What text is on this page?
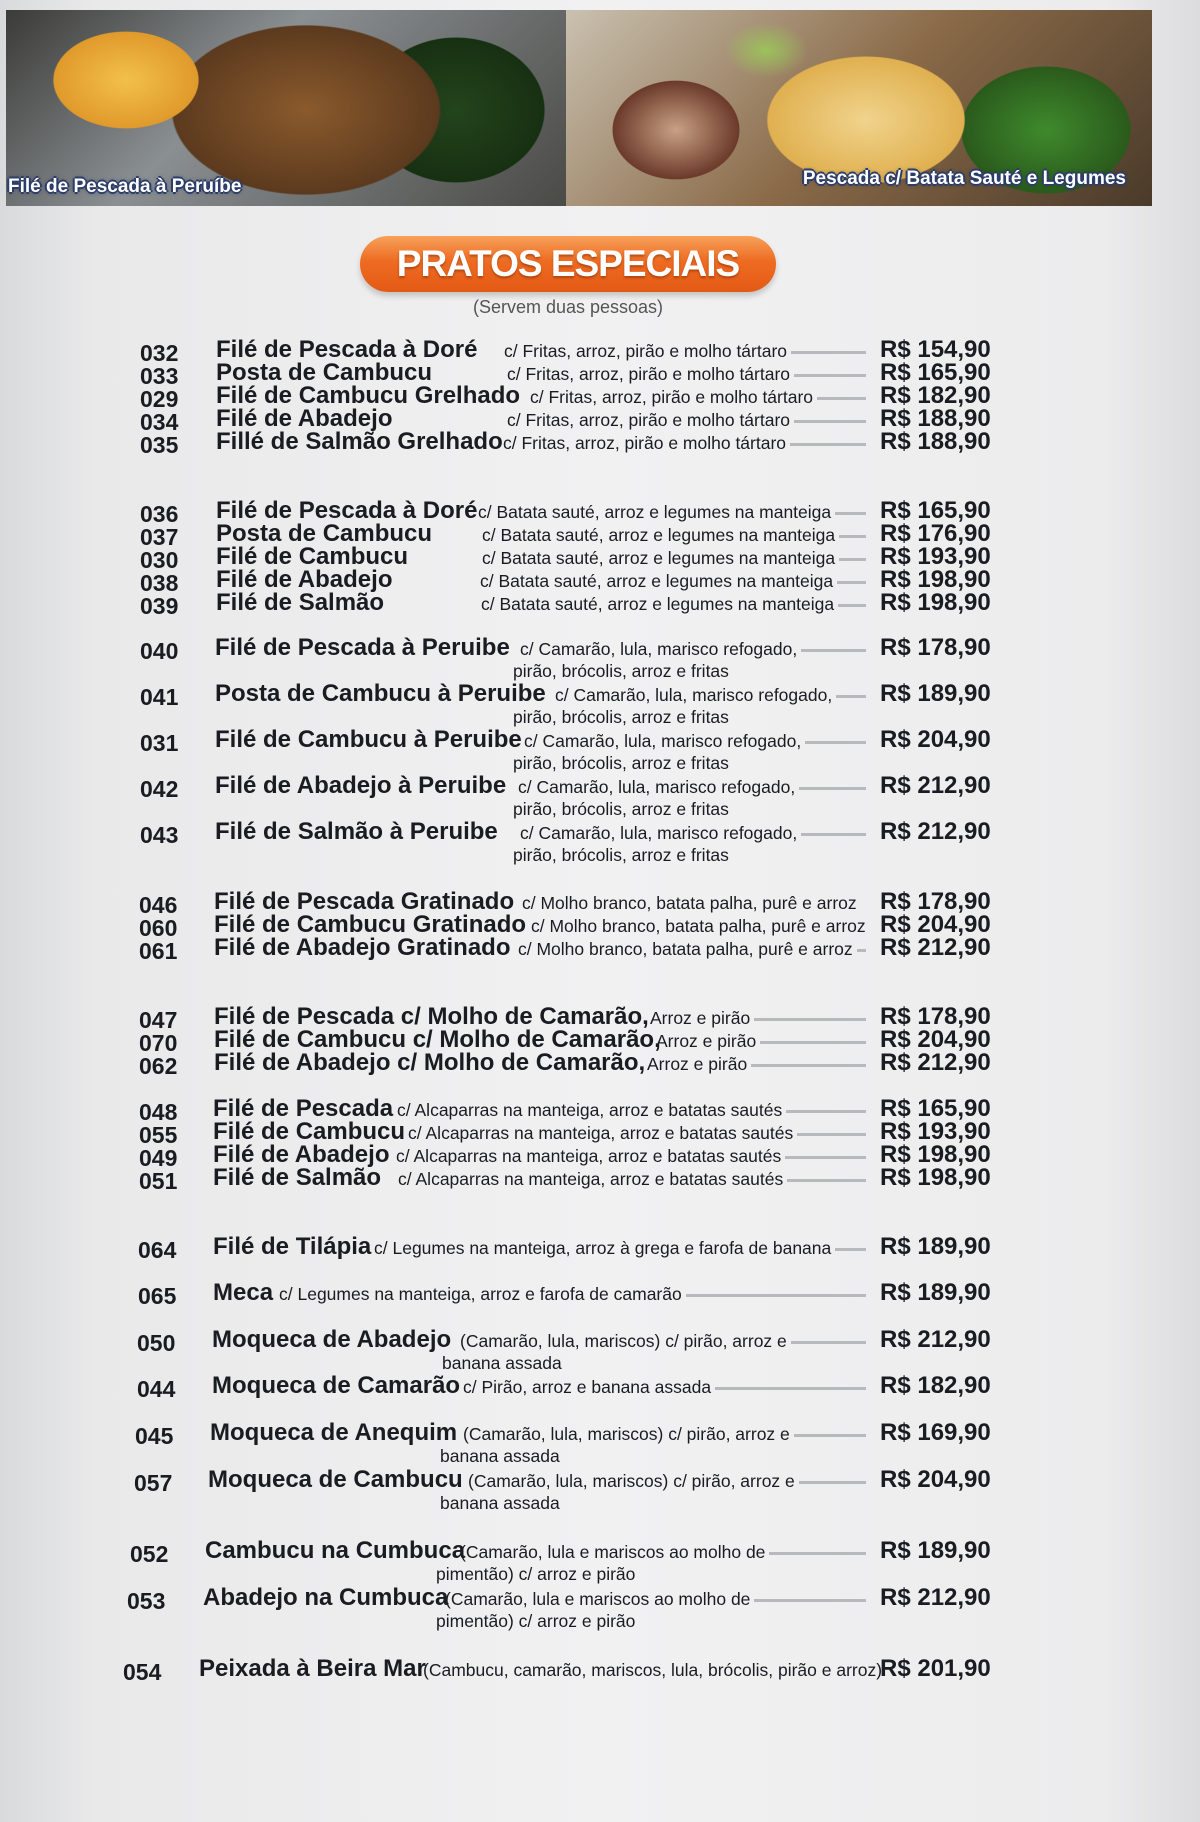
Filé de Pescada à Peruíbe	Pescada c/ Batata Sauté e Legumes
PRATOS ESPECIAIS
(Servem duas pessoas)
032 Filé de Pescada à Doré c/ Fritas, arroz, pirão e molho tártaro	R$ 154,90
033 Posta de Cambucu	c/ Fritas, arroz, pirão e molho tártaro	R$ 165,90
029 Filé de Cambucu Grelhado c/ Fritas, arroz, pirão e molho tártaro	R$ 182,90
034 Filé de Abadejo	c/ Fritas, arroz, pirão e molho tártaro	R$ 188,90
035 Fillé de Salmão Grelhado c/ Fritas, arroz, pirão e molho tártaro	R$ 188,90
036 Filé de Pescada à Doré c/ Batata sauté, arroz e legumes na manteiga R$ 165,90
037 Posta de Cambucu	c/ Batata sauté, arroz e legumes na manteiga R$ 176,90
030 Filé de Cambucu	c/ Batata sauté, arroz e legumes na manteiga R$ 193,90
038 Filé de Abadejo	c/ Batata sauté, arroz e legumes na manteiga R$ 198,90
039 Filé de Salmão	c/ Batata sauté, arroz e legumes na manteiga R$ 198,90
040 Filé de Pescada à Peruibe c/ Camarão, lula, marisco refogado,
pirão, brócolis, arroz e fritas
R$ 178,90
041 Posta de Cambucu à Peruibe c/ Camarão, lula, marisco refogado,
pirão, brócolis, arroz e fritas
R$ 189,90
031 Filé de Cambucu à Peruibe c/ Camarão, lula, marisco refogado,
pirão, brócolis, arroz e fritas
R$ 204,90
042 Filé de Abadejo à Peruibe c/ Camarão, lula, marisco refogado,
pirão, brócolis, arroz e fritas
R$ 212,90
043 Filé de Salmão à Peruibe c/ Camarão, lula, marisco refogado,
pirão, brócolis, arroz e fritas
R$ 212,90
046 Filé de Pescada Gratinado c/ Molho branco, batata palha, purê e arroz R$ 178,90
060 Filé de Cambucu Gratinado c/ Molho branco, batata palha, purê e arroz R$ 204,90
061 Filé de Abadejo Gratinado c/ Molho branco, batata palha, purê e arroz R$ 212,90
047 Filé de Pescada c/ Molho de Camarão, Arroz e pirão	R$ 178,90
070 Filé de Cambucu c/ Molho de Camarão,
Arroz e pirão	R$ 204,90
062 Filé de Abadejo c/ Molho de Camarão, Arroz e pirão	R$ 212,90
048 Filé de Pescada c/ Alcaparras na manteiga, arroz e batatas sautés	R$ 165,90
055 Filé de Cambucu c/ Alcaparras na manteiga, arroz e batatas sautés	R$ 193,90
049 Filé de Abadejo c/ Alcaparras na manteiga, arroz e batatas sautés	R$ 198,90
051 Filé de Salmão c/ Alcaparras na manteiga, arroz e batatas sautés	R$ 198,90
064 Filé de Tilápia c/ Legumes na manteiga, arroz à grega e farofa de banana R$ 189,90
065 Meca c/ Legumes na manteiga, arroz e farofa de camarão	R$ 189,90
050 Moqueca de Abadejo (Camarão, lula, mariscos) c/ pirão, arroz e
banana assada
R$ 212,90
044 Moqueca de Camarão c/ Pirão, arroz e banana assada	R$ 182,90
045 Moqueca de Anequim (Camarão, lula, mariscos) c/ pirão, arroz e
banana assada
R$ 169,90
057 Moqueca de Cambucu (Camarão, lula, mariscos) c/ pirão, arroz e
banana assada
R$ 204,90
052 Cambucu na Cumbuca
(Camarão, lula e mariscos ao molho de
pimentão) c/ arroz e pirão
R$ 189,90
053 Abadejo na Cumbuca
(Camarão, lula e mariscos ao molho de
pimentão) c/ arroz e pirão
R$ 212,90
054 Peixada à Beira Mar
(Cambucu, camarão, mariscos, lula, brócolis, pirão e arroz)
R$ 201,90
